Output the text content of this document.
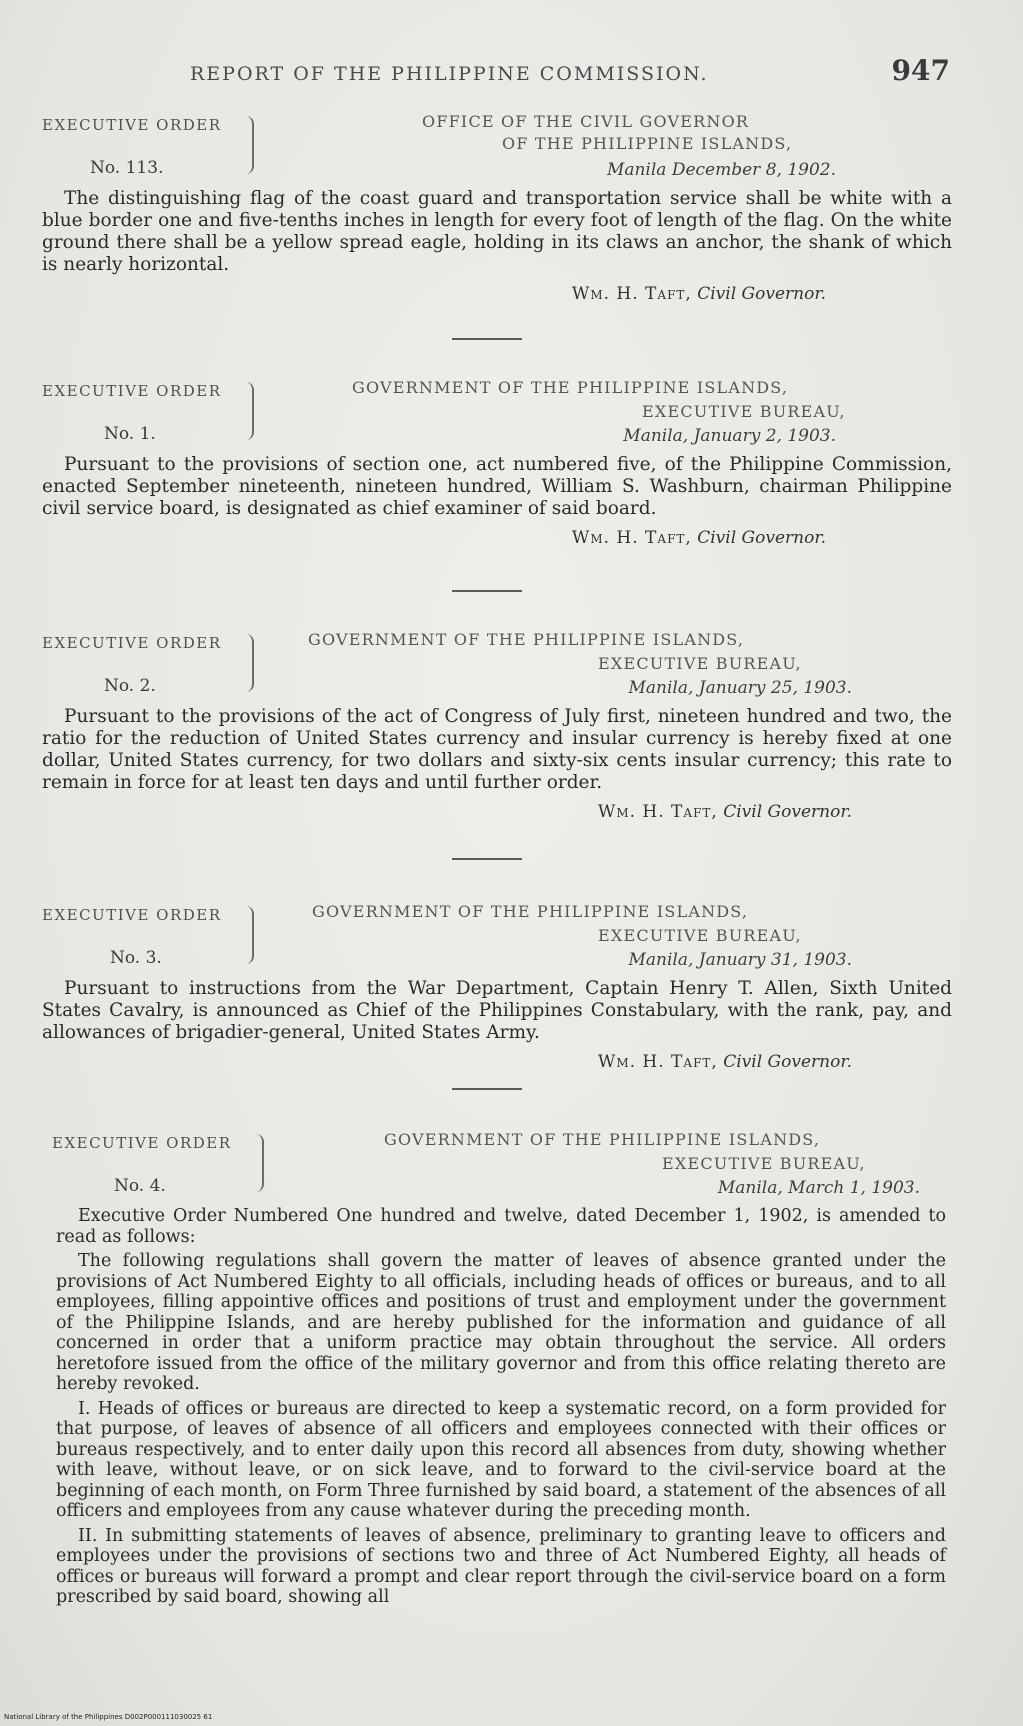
REPORT OF THE PHILIPPINE COMMISSION.	947
EXECUTIVE ORDER
No. 113.
OFFICE OF THE CIVIL GOVERNOR
OF THE PHILIPPINE ISLANDS,
Manila December 8, 1902.

The distinguishing flag of the coast guard and transportation service shall be white with a blue border one and five-tenths inches in length for every foot of length of the flag. On the white ground there shall be a yellow spread eagle, holding in its claws an anchor, the shank of which is nearly horizontal.

Wm. H. Taft, Civil Governor.
EXECUTIVE ORDER
No. 1.
GOVERNMENT OF THE PHILIPPINE ISLANDS,
EXECUTIVE BUREAU,
Manila, January 2, 1903.

Pursuant to the provisions of section one, act numbered five, of the Philippine Commission, enacted September nineteenth, nineteen hundred, William S. Washburn, chairman Philippine civil service board, is designated as chief examiner of said board.

Wm. H. Taft, Civil Governor.
EXECUTIVE ORDER
No. 2.
GOVERNMENT OF THE PHILIPPINE ISLANDS,
EXECUTIVE BUREAU,
Manila, January 25, 1903.

Pursuant to the provisions of the act of Congress of July first, nineteen hundred and two, the ratio for the reduction of United States currency and insular currency is hereby fixed at one dollar, United States currency, for two dollars and sixty-six cents insular currency; this rate to remain in force for at least ten days and until further order.

Wm. H. Taft, Civil Governor.
EXECUTIVE ORDER
No. 3.
GOVERNMENT OF THE PHILIPPINE ISLANDS,
EXECUTIVE BUREAU,
Manila, January 31, 1903.

Pursuant to instructions from the War Department, Captain Henry T. Allen, Sixth United States Cavalry, is announced as Chief of the Philippines Constabulary, with the rank, pay, and allowances of brigadier-general, United States Army.

Wm. H. Taft, Civil Governor.
EXECUTIVE ORDER
No. 4.
GOVERNMENT OF THE PHILIPPINE ISLANDS,
EXECUTIVE BUREAU,
Manila, March 1, 1903.

Executive Order Numbered One hundred and twelve, dated December 1, 1902, is amended to read as follows:

The following regulations shall govern the matter of leaves of absence granted under the provisions of Act Numbered Eighty to all officials, including heads of offices or bureaus, and to all employees, filling appointive offices and positions of trust and employment under the government of the Philippine Islands, and are hereby published for the information and guidance of all concerned in order that a uniform practice may obtain throughout the service. All orders heretofore issued from the office of the military governor and from this office relating thereto are hereby revoked.

I. Heads of offices or bureaus are directed to keep a systematic record, on a form provided for that purpose, of leaves of absence of all officers and employees connected with their offices or bureaus respectively, and to enter daily upon this record all absences from duty, showing whether with leave, without leave, or on sick leave, and to forward to the civil-service board at the beginning of each month, on Form Three furnished by said board, a statement of the absences of all officers and employees from any cause whatever during the preceding month.

II. In submitting statements of leaves of absence, preliminary to granting leave to officers and employees under the provisions of sections two and three of Act Numbered Eighty, all heads of offices or bureaus will forward a prompt and clear report through the civil-service board on a form prescribed by said board, showing all

National Library of the Philippines D002P000111030025 61
